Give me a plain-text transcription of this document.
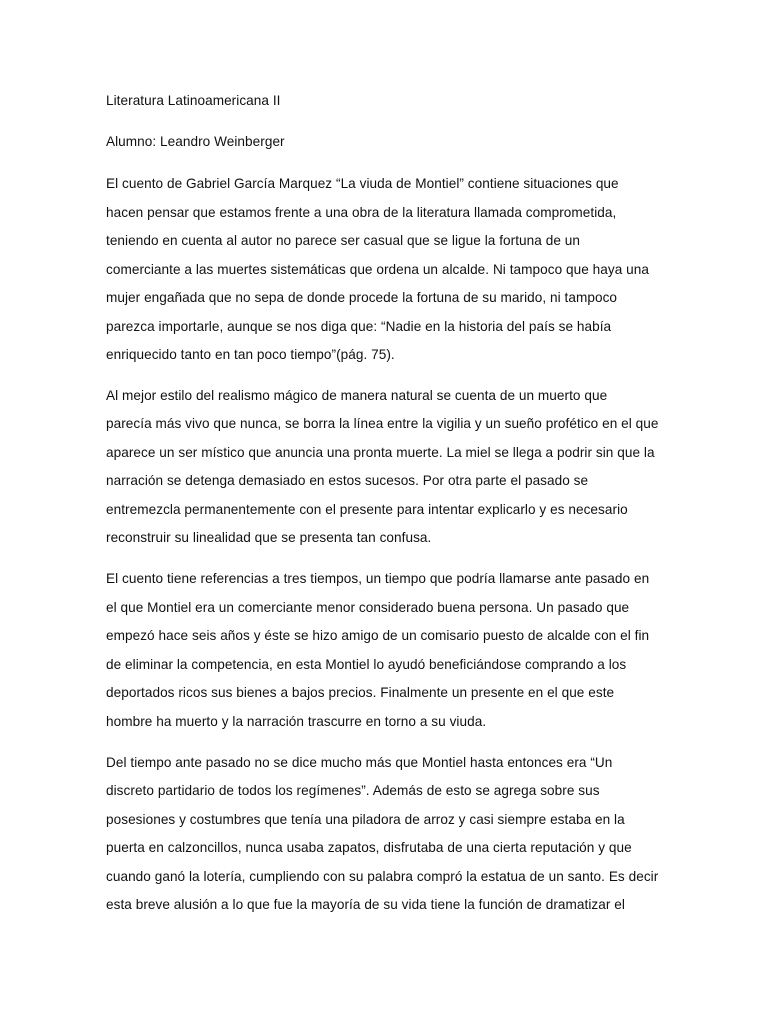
Literatura Latinoamericana II
Alumno: Leandro Weinberger
El cuento de Gabriel García Marquez “La viuda de Montiel” contiene situaciones que
hacen pensar que estamos frente a una obra de la literatura llamada comprometida,
teniendo en cuenta al autor no parece ser casual que se ligue la fortuna de un
comerciante a las muertes sistemáticas que ordena un alcalde. Ni tampoco que haya una
mujer engañada que no sepa de donde procede la fortuna de su marido, ni tampoco
parezca importarle, aunque se nos diga que: “Nadie en la historia del país se había
enriquecido tanto en tan poco tiempo”(pág. 75).
Al mejor estilo del realismo mágico de manera natural se cuenta de un muerto que
parecía más vivo que nunca, se borra la línea entre la vigilia y un sueño profético en el que
aparece un ser místico que anuncia una pronta muerte. La miel se llega a podrir sin que la
narración se detenga demasiado en estos sucesos. Por otra parte el pasado se
entremezcla permanentemente con el presente para intentar explicarlo y es necesario
reconstruir su linealidad que se presenta tan confusa.
El cuento tiene referencias a tres tiempos, un tiempo que podría llamarse ante pasado en
el que Montiel era un comerciante menor considerado buena persona. Un pasado que
empezó hace seis años y éste se hizo amigo de un comisario puesto de alcalde con el fin
de eliminar la competencia, en esta Montiel lo ayudó beneficiándose comprando a los
deportados ricos sus bienes a bajos precios. Finalmente un presente en el que este
hombre ha muerto y la narración trascurre en torno a su viuda.
Del tiempo ante pasado no se dice mucho más que Montiel hasta entonces era “Un
discreto partidario de todos los regímenes”. Además de esto se agrega sobre sus
posesiones y costumbres que tenía una piladora de arroz y casi siempre estaba en la
puerta en calzoncillos, nunca usaba zapatos, disfrutaba de una cierta reputación y que
cuando ganó la lotería, cumpliendo con su palabra compró la estatua de un santo. Es decir
esta breve alusión a lo que fue la mayoría de su vida tiene la función de dramatizar el
